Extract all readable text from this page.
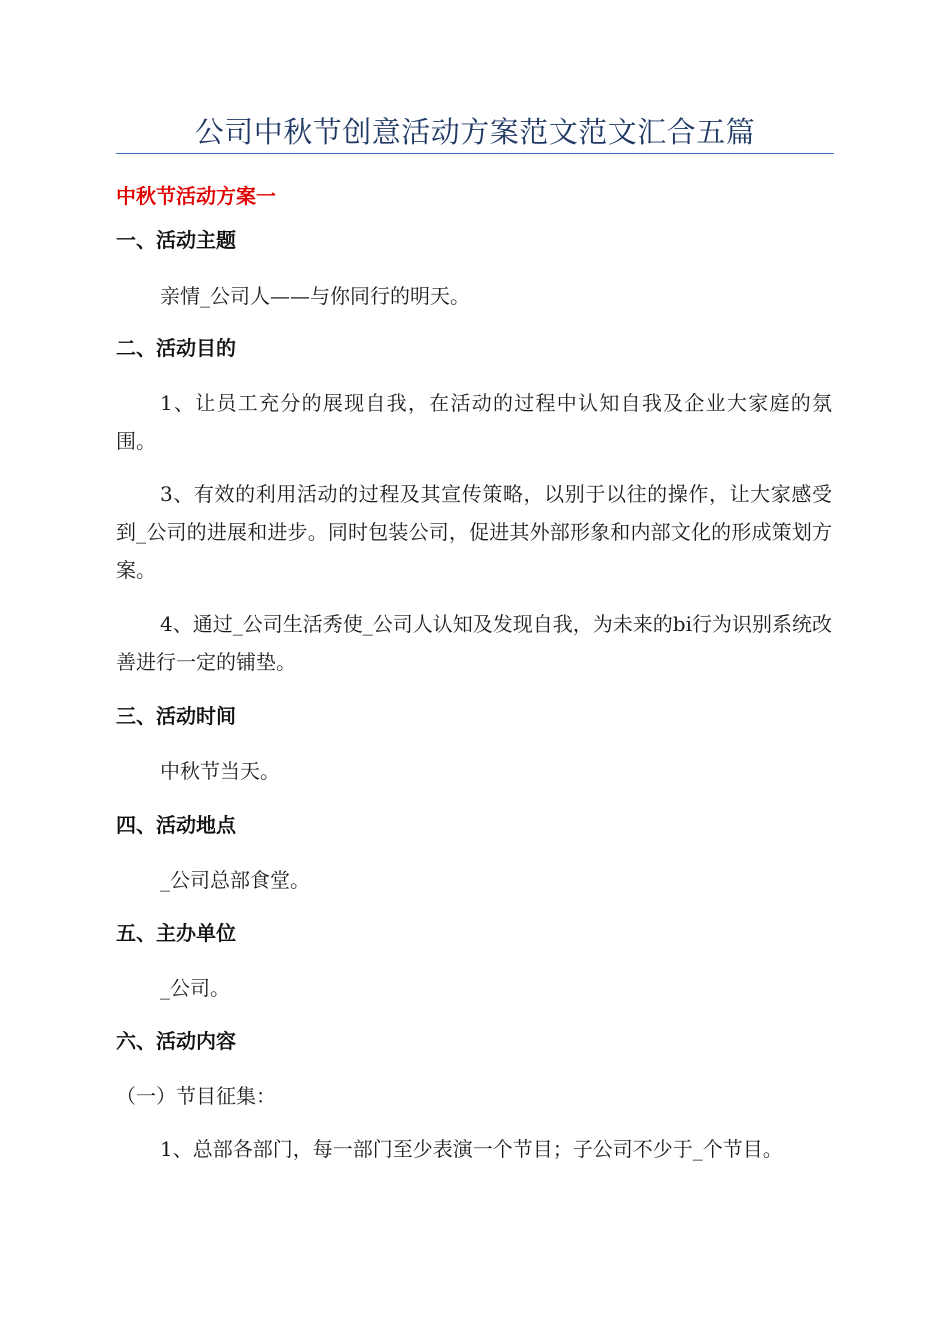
公司中秋节创意活动方案范文范文汇合五篇
中秋节活动方案一
一、活动主题
亲情_公司人——与你同行的明天。
二、活动目的
1、让员工充分的展现自我，在活动的过程中认知自我及企业大家庭的氛围。
3、有效的利用活动的过程及其宣传策略，以别于以往的操作，让大家感受到_公司的进展和进步。同时包装公司，促进其外部形象和内部文化的形成策划方案。
4、通过_公司生活秀使_公司人认知及发现自我，为未来的bi行为识别系统改善进行一定的铺垫。
三、活动时间
中秋节当天。
四、活动地点
_公司总部食堂。
五、主办单位
_公司。
六、活动内容
（一）节目征集：
1、总部各部门，每一部门至少表演一个节目；子公司不少于_个节目。
